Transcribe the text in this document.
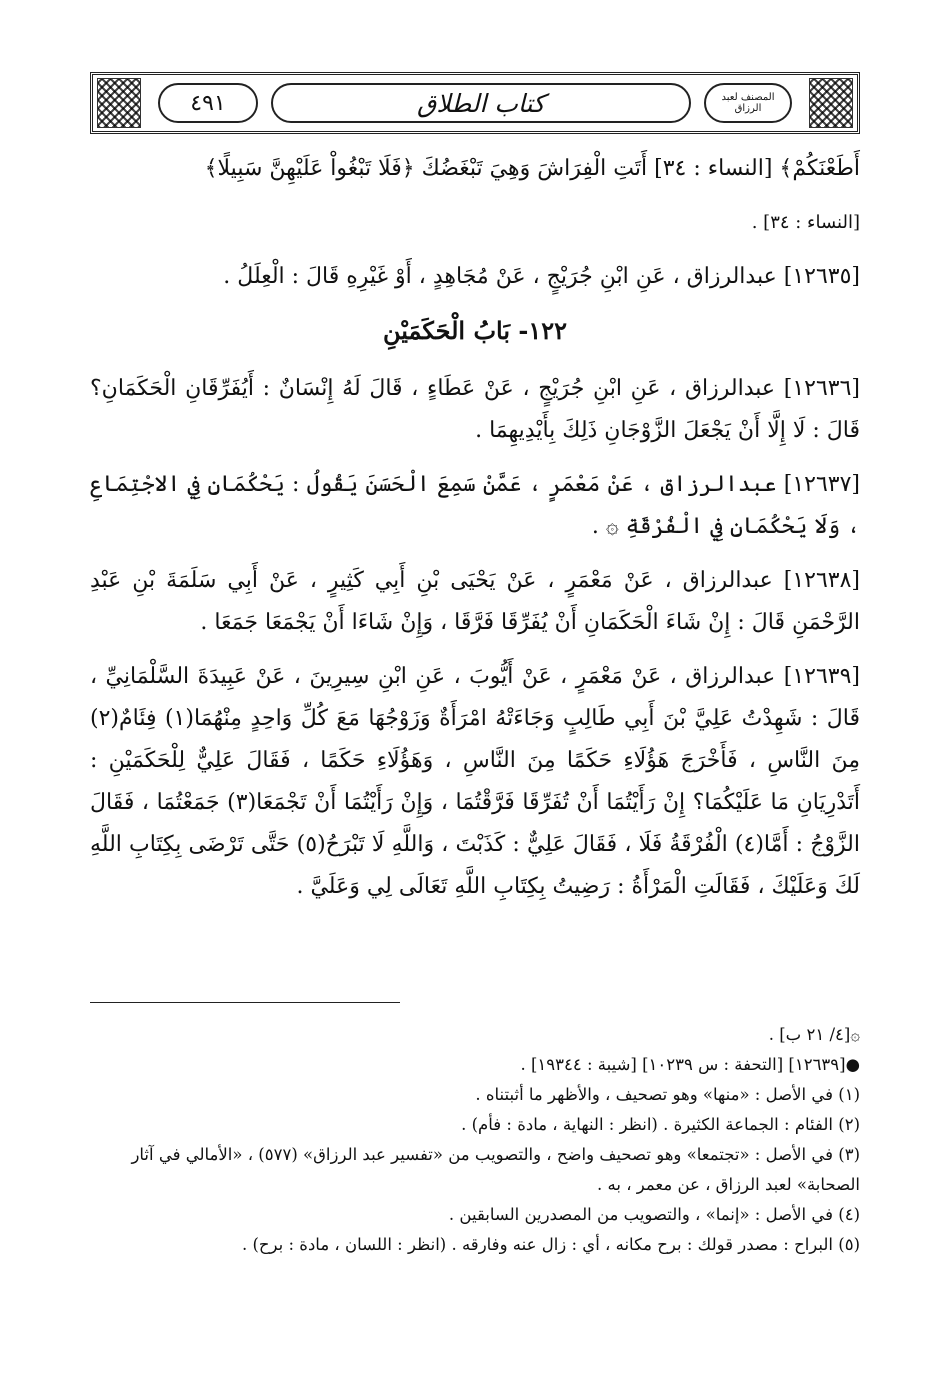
٤٩١	كتاب الطلاق	المصنف لعبد الرزاق

أَطَعْنَكُمْ﴾ [النساء : ٣٤] أَتَتِ الْفِرَاشَ وَهِيَ تَبْغَضُكَ ﴿فَلَا تَبْغُواْ عَلَيْهِنَّ سَبِيلًا﴾

[النساء : ٣٤] .

[١٢٦٣٥] عبدالرزاق ، عَنِ ابْنِ جُرَيْجٍ ، عَنْ مُجَاهِدٍ ، أَوْ غَيْرِهِ قَالَ : الْعِلَلُ .

١٢٢- بَابُ الْحَكَمَيْنِ

[١٢٦٣٦] عبدالرزاق ، عَنِ ابْنِ جُرَيْجٍ ، عَنْ عَطَاءٍ ، قَالَ لَهُ إِنْسَانٌ : أَيُفَرِّقَانِ الْحَكَمَانِ؟ قَالَ : لَا إِلَّا أَنْ يَجْعَلَ الزَّوْجَانِ ذَلِكَ بِأَيْدِيهِمَا .

[١٢٦٣٧] عبدالرزاق ، عَنْ مَعْمَرٍ ، عَمَّنْ سَمِعَ الْحَسَنَ يَقُولُ : يَحْكُمَانِ فِي الاجْتِمَاعِ ، وَلَا يَحْكُمَانِ فِي الْفُرْقَةِ ۞ .

[١٢٦٣٨] عبدالرزاق ، عَنْ مَعْمَرٍ ، عَنْ يَحْيَى بْنِ أَبِي كَثِيرٍ ، عَنْ أَبِي سَلَمَةَ بْنِ عَبْدِ الرَّحْمَنِ قَالَ : إِنْ شَاءَ الْحَكَمَانِ أَنْ يُفَرِّقَا فَرَّقَا ، وَإِنْ شَاءَا أَنْ يَجْمَعَا جَمَعَا .

[١٢٦٣٩] عبدالرزاق ، عَنْ مَعْمَرٍ ، عَنْ أَيُّوبَ ، عَنِ ابْنِ سِيرِينَ ، عَنْ عَبِيدَةَ السَّلْمَانِيِّ ، قَالَ : شَهِدْتُ عَلِيَّ بْنَ أَبِي طَالِبٍ وَجَاءَتْهُ امْرَأَةٌ وَزَوْجُهَا مَعَ كُلِّ وَاحِدٍ مِنْهُمَا(١) فِئَامٌ(٢) مِنَ النَّاسِ ، فَأَخْرَجَ هَؤُلَاءِ حَكَمًا مِنَ النَّاسِ ، وَهَؤُلَاءِ حَكَمًا ، فَقَالَ عَلِيٌّ لِلْحَكَمَيْنِ : أَتَدْرِيَانِ مَا عَلَيْكُمَا؟ إِنْ رَأَيْتُمَا أَنْ تُفَرِّقَا فَرَّقْتُمَا ، وَإِنْ رَأَيْتُمَا أَنْ تَجْمَعَا(٣) جَمَعْتُمَا ، فَقَالَ الزَّوْجُ : أَمَّا(٤) الْفُرْقَةُ فَلَا ، فَقَالَ عَلِيٌّ : كَذَبْتَ ، وَاللَّهِ لَا تَبْرَحُ(٥) حَتَّى تَرْضَى بِكِتَابِ اللَّهِ لَكَ وَعَلَيْكَ ، فَقَالَتِ الْمَرْأَةُ : رَضِيتُ بِكِتَابِ اللَّهِ تَعَالَى لِي وَعَلَيَّ .

۞[٤/ ٢١ ب] .

●[١٢٦٣٩] [التحفة : س ١٠٢٣٩] [شيبة : ١٩٣٤٤] .

(١) في الأصل : «منها» وهو تصحيف ، والأظهر ما أثبتناه .

(٢) الفئام : الجماعة الكثيرة . (انظر : النهاية ، مادة : فأم) .

(٣) في الأصل : «تجتمعا» وهو تصحيف واضح ، والتصويب من «تفسير عبد الرزاق» (٥٧٧) ، «الأمالي في آثار الصحابة» لعبد الرزاق ، عن معمر ، به .

(٤) في الأصل : «إنما» ، والتصويب من المصدرين السابقين .

(٥) البراح : مصدر قولك : برح مكانه ، أي : زال عنه وفارقه . (انظر : اللسان ، مادة : برح) .
